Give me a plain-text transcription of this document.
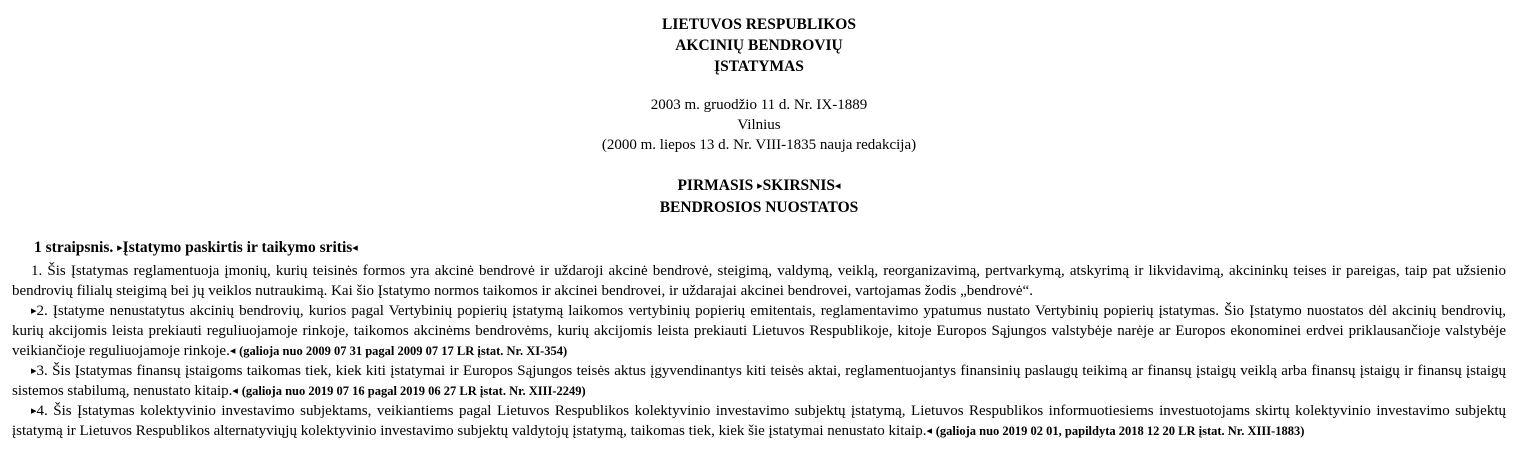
LIETUVOS RESPUBLIKOS
AKCINIŲ BENDROVIŲ
ĮSTATYMAS
2003 m. gruodžio 11 d. Nr. IX-1889
Vilnius
(2000 m. liepos 13 d. Nr. VIII-1835 nauja redakcija)
PIRMASIS ▸SKIRSNIS◂
BENDROSIOS NUOSTATOS
1 straipsnis. ▸Įstatymo paskirtis ir taikymo sritis◂

1. Šis Įstatymas reglamentuoja įmonių, kurių teisinės formos yra akcinė bendrovė ir uždaroji akcinė bendrovė, steigimą, valdymą, veiklą, reorganizavimą, pertvarkymą, atskyrimą ir likvidavimą, akcininkų teises ir pareigas, taip pat užsienio bendrovių filialų steigimą bei jų veiklos nutraukimą. Kai šio Įstatymo normos taikomos ir akcinei bendrovei, ir uždarajai akcinei bendrovei, vartojamas žodis „bendrovė“.

▸2. Įstatyme nenustatytus akcinių bendrovių, kurios pagal Vertybinių popierių įstatymą laikomos vertybinių popierių emitentais, reglamentavimo ypatumus nustato Vertybinių popierių įstatymas. Šio Įstatymo nuostatos dėl akcinių bendrovių, kurių akcijomis leista prekiauti reguliuojamoje rinkoje, taikomos akcinėms bendrovėms, kurių akcijomis leista prekiauti Lietuvos Respublikoje, kitoje Europos Sąjungos valstybėje narėje ar Europos ekonominei erdvei priklausančioje valstybėje veikiančioje reguliuojamoje rinkoje.◂ (galioja nuo 2009 07 31 pagal 2009 07 17 LR įstat. Nr. XI-354)

▸3. Šis Įstatymas finansų įstaigoms taikomas tiek, kiek kiti įstatymai ir Europos Sąjungos teisės aktus įgyvendinantys kiti teisės aktai, reglamentuojantys finansinių paslaugų teikimą ar finansų įstaigų veiklą arba finansų įstaigų ir finansų įstaigų sistemos stabilumą, nenustato kitaip.◂ (galioja nuo 2019 07 16 pagal 2019 06 27 LR įstat. Nr. XIII-2249)

▸4. Šis Įstatymas kolektyvinio investavimo subjektams, veikiantiems pagal Lietuvos Respublikos kolektyvinio investavimo subjektų įstatymą, Lietuvos Respublikos informuotiesiems investuotojams skirtų kolektyvinio investavimo subjektų įstatymą ir Lietuvos Respublikos alternatyviųjų kolektyvinio investavimo subjektų valdytojų įstatymą, taikomas tiek, kiek šie įstatymai nenustato kitaip.◂ (galioja nuo 2019 02 01, papildyta 2018 12 20 LR įstat. Nr. XIII-1883)
